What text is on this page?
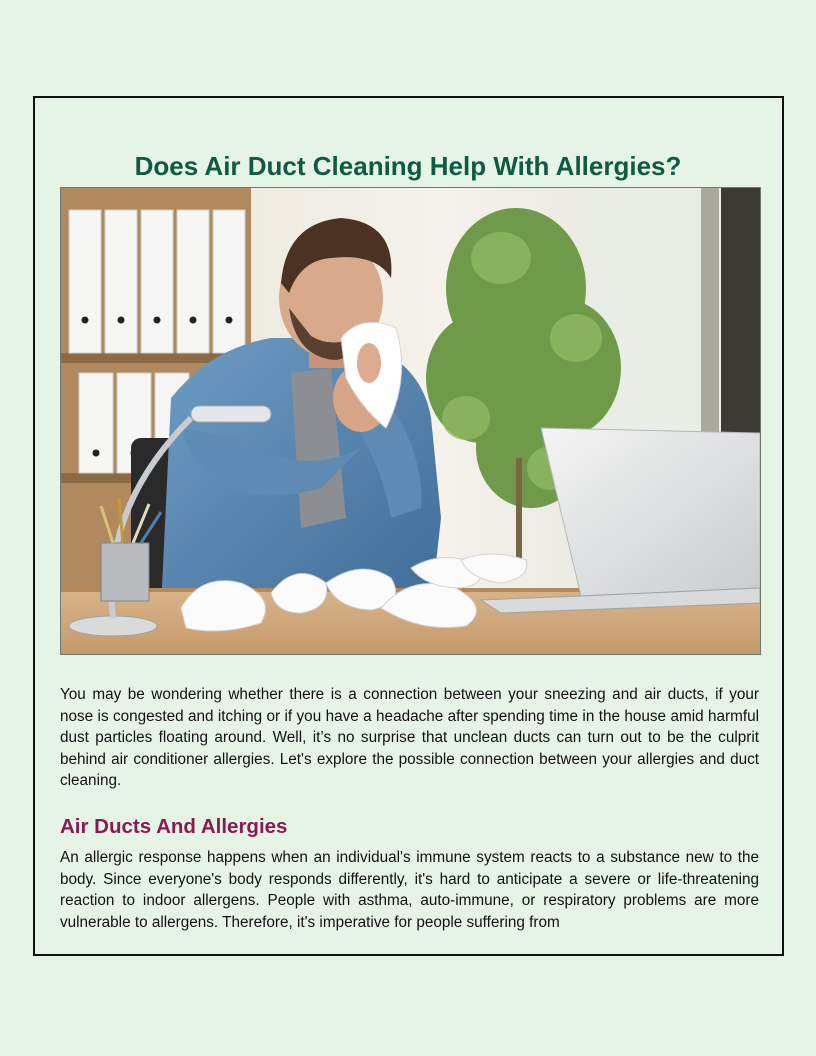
Does Air Duct Cleaning Help With Allergies?

You may be wondering whether there is a connection between your sneezing and air ducts, if your nose is congested and itching or if you have a headache after spending time in the house amid harmful dust particles floating around. Well, it’s no surprise that unclean ducts can turn out to be the culprit behind air conditioner allergies. Let's explore the possible connection between your allergies and duct cleaning.

Air Ducts And Allergies

An allergic response happens when an individual's immune system reacts to a substance new to the body. Since everyone's body responds differently, it's hard to anticipate a severe or life-threatening reaction to indoor allergens. People with asthma, auto-immune, or respiratory problems are more vulnerable to allergens. Therefore, it's imperative for people suffering from
